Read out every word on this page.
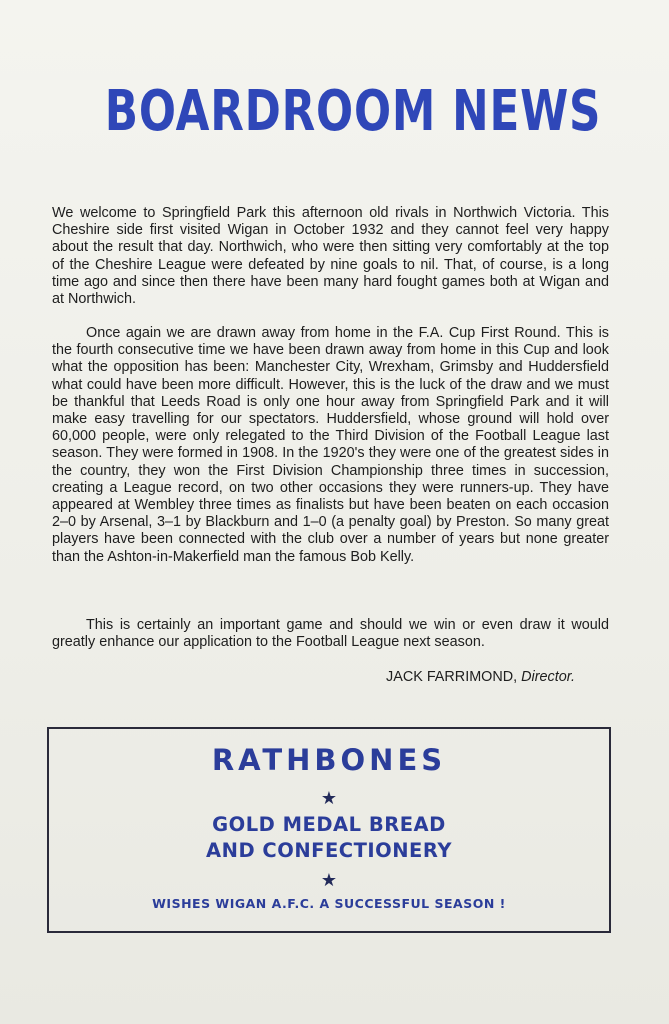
BOARDROOM NEWS

We welcome to Springfield Park this afternoon old rivals in Northwich Victoria. This Cheshire side first visited Wigan in October 1932 and they cannot feel very happy about the result that day. Northwich, who were then sitting very comfortably at the top of the Cheshire League were defeated by nine goals to nil. That, of course, is a long time ago and since then there have been many hard fought games both at Wigan and at Northwich.

Once again we are drawn away from home in the F.A. Cup First Round. This is the fourth consecutive time we have been drawn away from home in this Cup and look what the opposition has been: Manchester City, Wrexham, Grimsby and Huddersfield what could have been more difficult. However, this is the luck of the draw and we must be thankful that Leeds Road is only one hour away from Springfield Park and it will make easy travelling for our spectators. Huddersfield, whose ground will hold over 60,000 people, were only relegated to the Third Division of the Football League last season. They were formed in 1908. In the 1920's they were one of the greatest sides in the country, they won the First Division Championship three times in succession, creating a League record, on two other occasions they were runners-up. They have appeared at Wembley three times as finalists but have been beaten on each occasion 2–0 by Arsenal, 3–1 by Blackburn and 1–0 (a penalty goal) by Preston. So many great players have been connected with the club over a number of years but none greater than the Ashton-in-Makerfield man the famous Bob Kelly.

This is certainly an important game and should we win or even draw it would greatly enhance our application to the Football League next season.

JACK FARRIMOND, Director.
RATHBONES
★
GOLD MEDAL BREAD
AND CONFECTIONERY
★
WISHES WIGAN A.F.C. A SUCCESSFUL SEASON !
